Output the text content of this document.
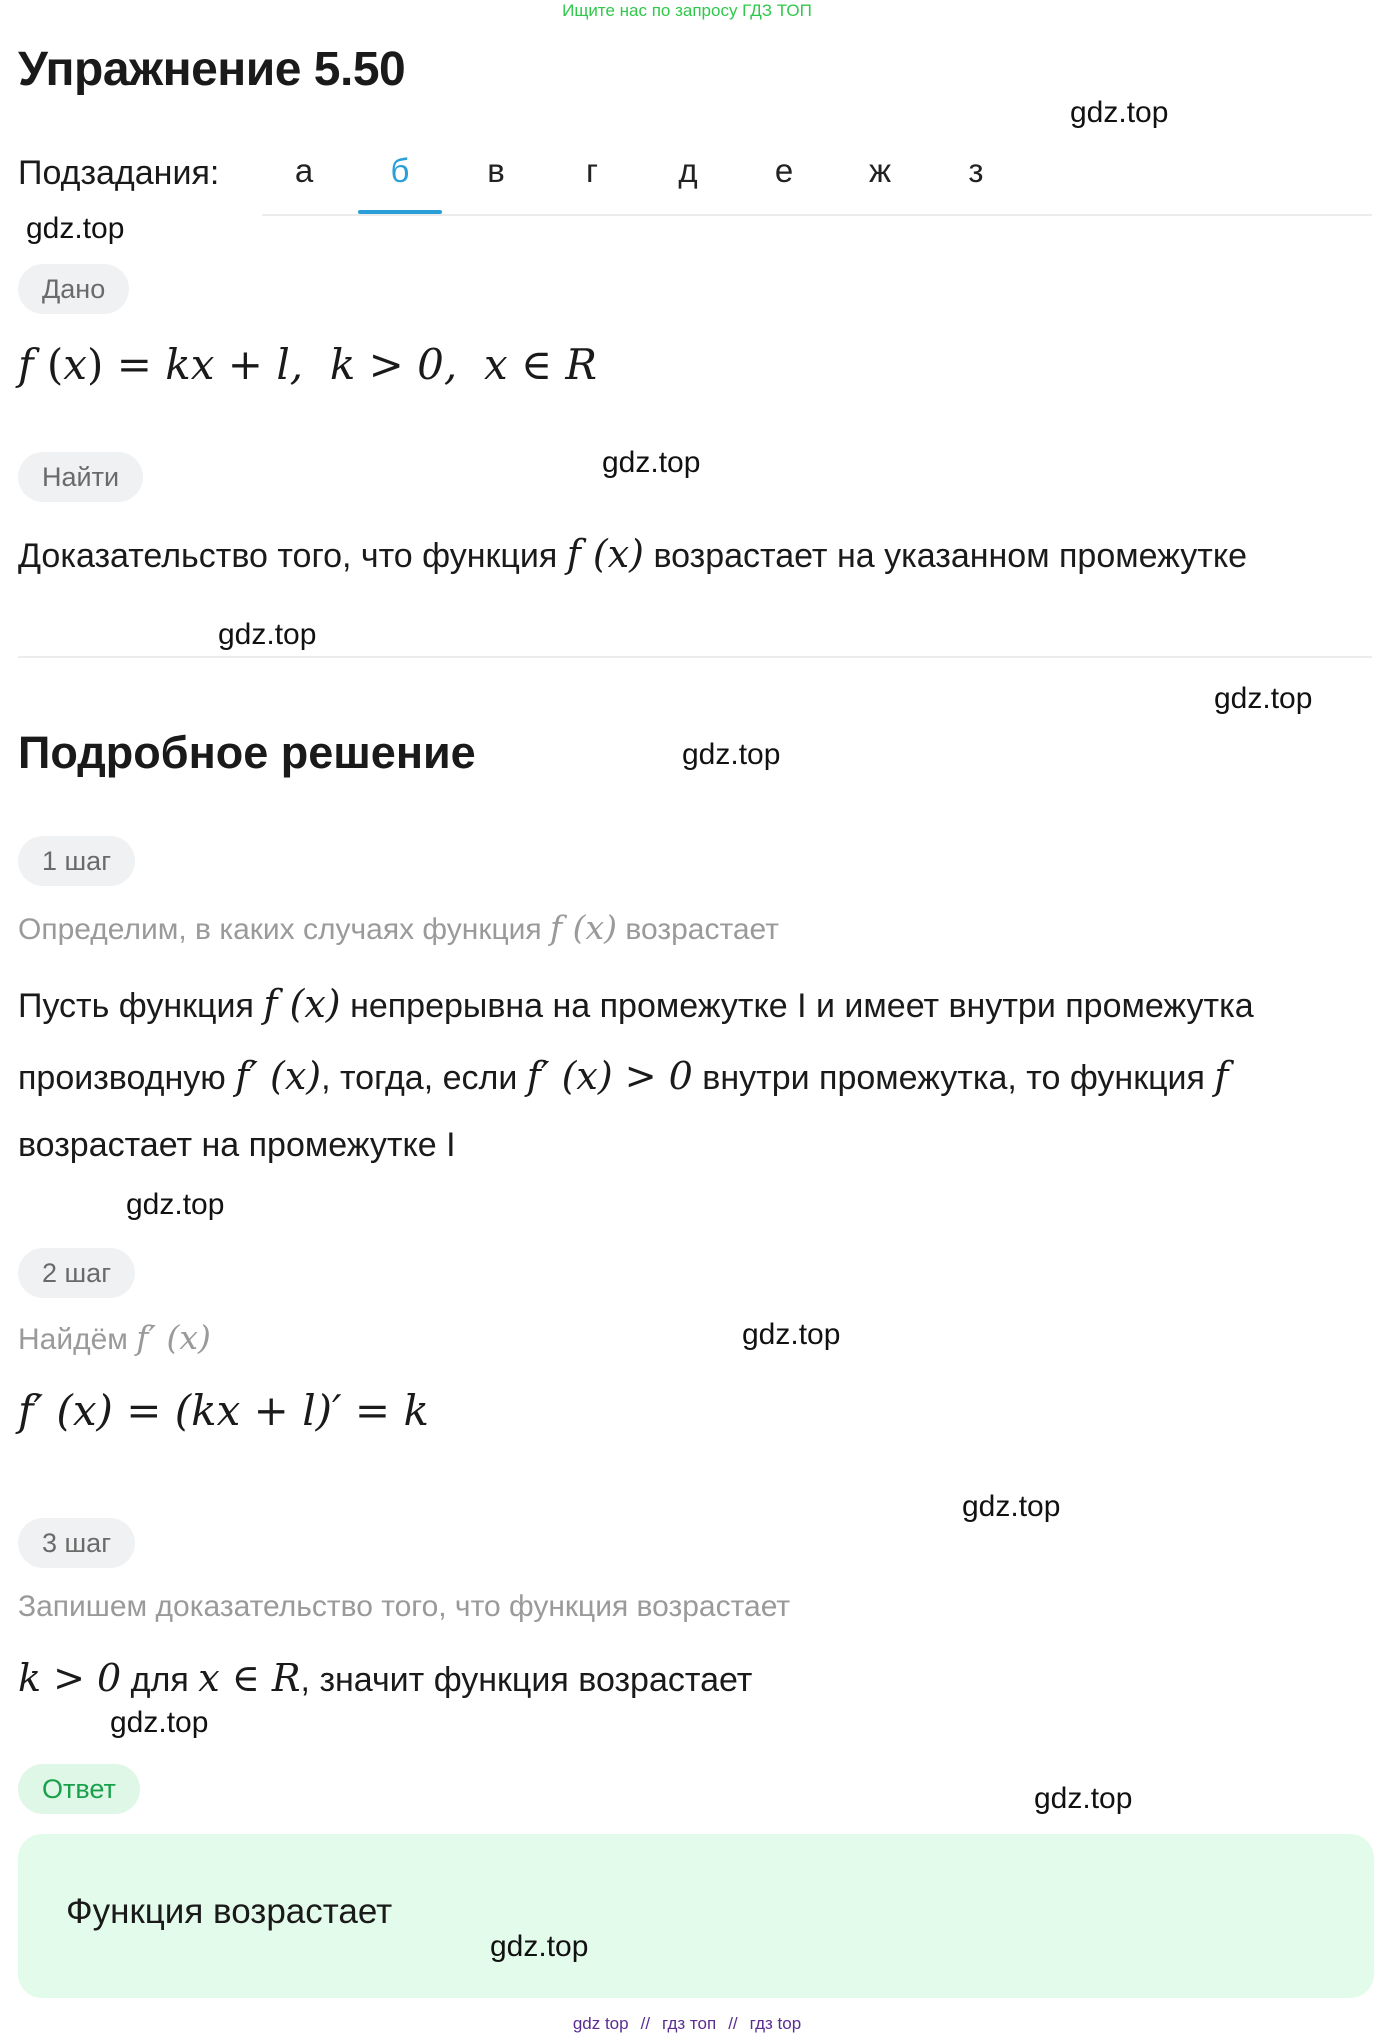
Ищите нас по запросу ГДЗ ТОП
Упражнение 5.50
Подзадания:	а	б	в	г	д	е	ж	з
Дано
f (x) = kx + l, k > 0, x ∈ R
Найти
Доказательство того, что функция f (x) возрастает на указанном промежутке
Подробное решение
1 шаг
Определим, в каких случаях функция f (x) возрастает
Пусть функция f (x) непрерывна на промежутке I и имеет внутри промежутка
производную f′ (x), тогда, если f′ (x) > 0 внутри промежутка, то функция f
возрастает на промежутке I
2 шаг
Найдём f′ (x)
f′ (x) = (kx + l)′ = k
3 шаг
Запишем доказательство того, что функция возрастает
k > 0 для x ∈ R, значит функция возрастает
Ответ
Функция возрастает
gdz.top
gdz.top
gdz.top
gdz.top
gdz.top
gdz.top
gdz.top
gdz.top
gdz.top
gdz.top
gdz.top
gdz.top
gdz top // гдз топ // гдз top
